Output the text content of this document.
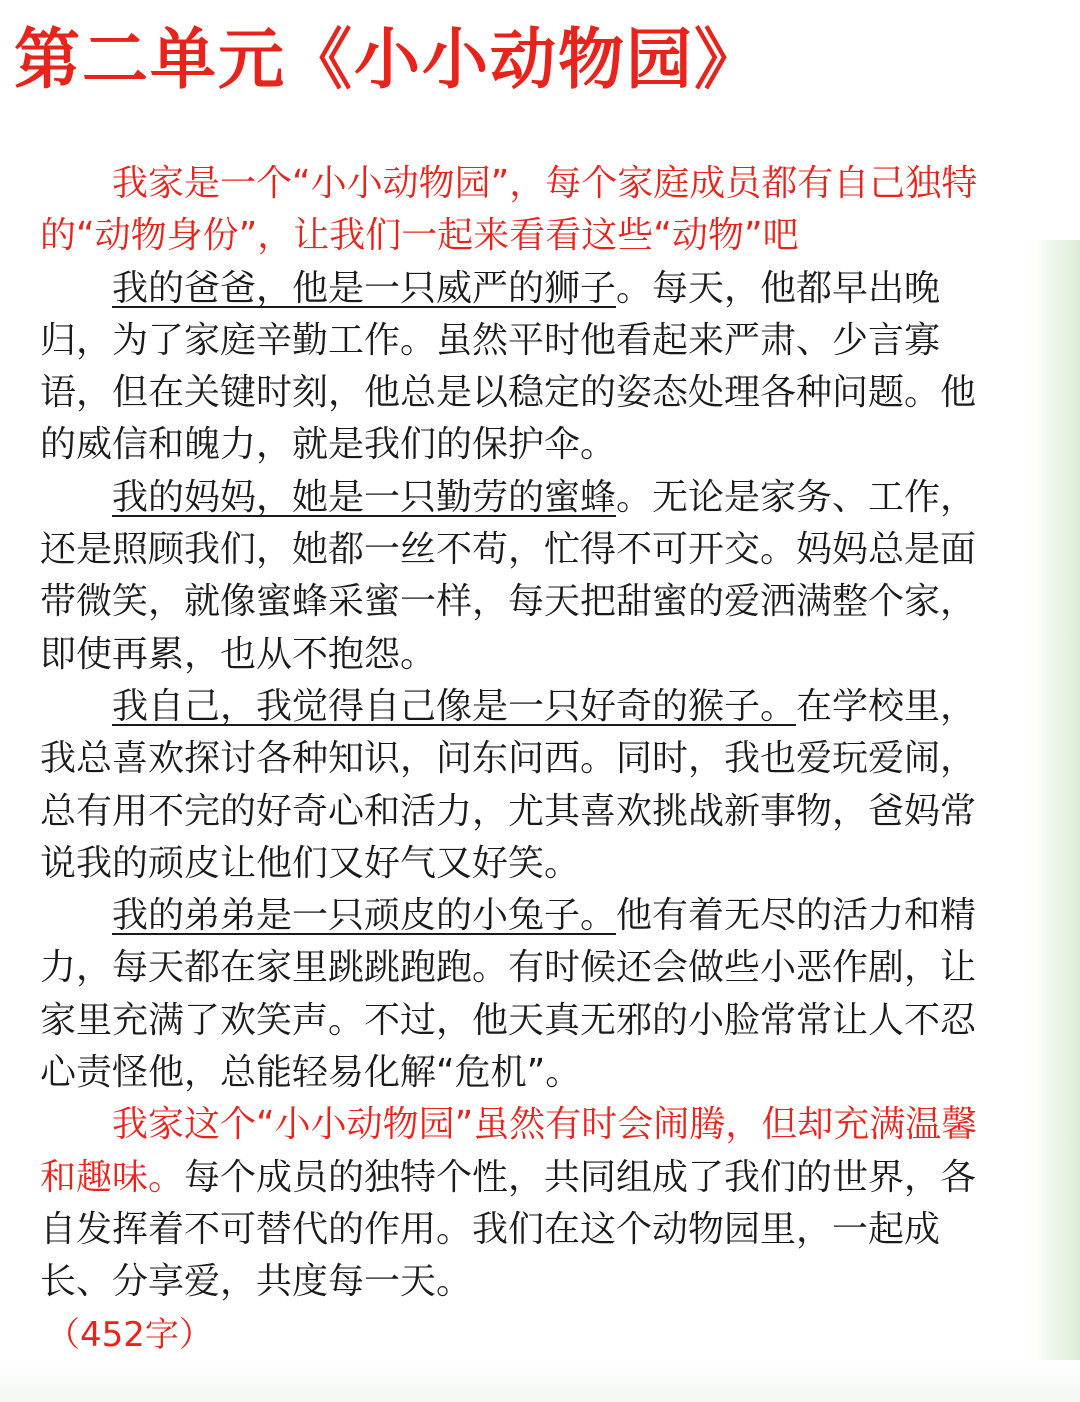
第二单元《小小动物园》

我家是一个“小小动物园”，每个家庭成员都有自己独特的“动物身份”，让我们一起来看看这些“动物”吧

我的爸爸，他是一只威严的狮子。每天，他都早出晚归，为了家庭辛勤工作。虽然平时他看起来严肃、少言寡语，但在关键时刻，他总是以稳定的姿态处理各种问题。他的威信和魄力，就是我们的保护伞。

我的妈妈，她是一只勤劳的蜜蜂。无论是家务、工作，还是照顾我们，她都一丝不苟，忙得不可开交。妈妈总是面带微笑，就像蜜蜂采蜜一样，每天把甜蜜的爱洒满整个家，即使再累，也从不抱怨。

我自己，我觉得自己像是一只好奇的猴子。在学校里，我总喜欢探讨各种知识，问东问西。同时，我也爱玩爱闹，总有用不完的好奇心和活力，尤其喜欢挑战新事物，爸妈常说我的顽皮让他们又好气又好笑。

我的弟弟是一只顽皮的小兔子。他有着无尽的活力和精力，每天都在家里跳跳跑跑。有时候还会做些小恶作剧，让家里充满了欢笑声。不过，他天真无邪的小脸常常让人不忍心责怪他，总能轻易化解“危机”。

我家这个“小小动物园”虽然有时会闹腾，但却充满温馨和趣味。每个成员的独特个性，共同组成了我们的世界，各自发挥着不可替代的作用。我们在这个动物园里，一起成长、分享爱，共度每一天。

（452字）
